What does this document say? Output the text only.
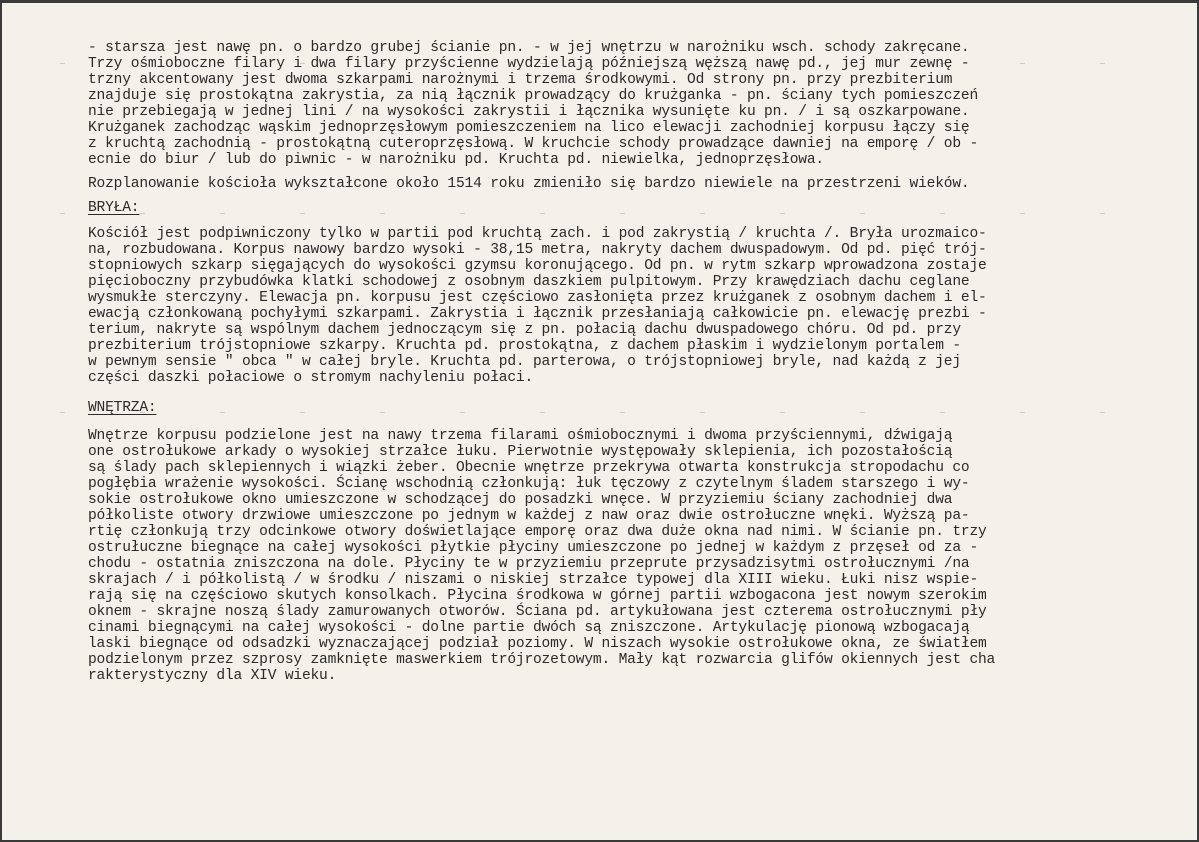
- starsza jest nawę pn. o bardzo grubej ścianie pn. - w jej wnętrzu w narożniku wsch. schody zakręcane.
Trzy ośmioboczne filary i dwa filary przyścienne wydzielają późniejszą węższą nawę pd., jej mur zewnę -
trzny akcentowany jest dwoma szkarpami narożnymi i trzema środkowymi. Od strony pn. przy prezbiterium
znajduje się prostokątna zakrystia, za nią łącznik prowadzący do krużganka - pn. ściany tych pomieszczeń
nie przebiegają w jednej lini / na wysokości zakrystii i łącznika wysunięte ku pn. / i są oszkarpowane.
Krużganek zachodząc wąskim jednoprzęsłowym pomieszczeniem na lico elewacji zachodniej korpusu łączy się
z kruchtą zachodnią - prostokątną cuteroprzęsłową. W kruchcie schody prowadzące dawniej na emporę / ob -
ecnie do biur / lub do piwnic - w narożniku pd. Kruchta pd. niewielka, jednoprzęsłowa.
Rozplanowanie kościoła wykształcone około 1514 roku zmieniło się bardzo niewiele na przestrzeni wieków.
BRYŁA:
Kościół jest podpiwniczony tylko w partii pod kruchtą zach. i pod zakrystią / kruchta /. Bryła urozmaico-
na, rozbudowana. Korpus nawowy bardzo wysoki - 38,15 metra, nakryty dachem dwuspadowym. Od pd. pięć trój-
stopniowych szkarp sięgających do wysokości gzymsu koronującego. Od pn. w rytm szkarp wprowadzona zostaje
pięcioboczny przybudówka klatki schodowej z osobnym daszkiem pulpitowym. Przy krawędziach dachu ceglane
wysmukłe sterczyny. Elewacja pn. korpusu jest częściowo zasłonięta przez krużganek z osobnym dachem i el-
ewacją członkowaną pochyłymi szkarpami. Zakrystia i łącznik przesłaniają całkowicie pn. elewację prezbi -
terium, nakryte są wspólnym dachem jednoczącym się z pn. połacią dachu dwuspadowego chóru. Od pd. przy
prezbiterium trójstopniowe szkarpy. Kruchta pd. prostokątna, z dachem płaskim i wydzielonym portalem -
w pewnym sensie " obca " w całej bryle. Kruchta pd. parterowa, o trójstopniowej bryle, nad każdą z jej
części daszki połaciowe o stromym nachyleniu połaci.
WNĘTRZA:
Wnętrze korpusu podzielone jest na nawy trzema filarami ośmiobocznymi i dwoma przyściennymi, dźwigają
one ostrołukowe arkady o wysokiej strzałce łuku. Pierwotnie występowały sklepienia, ich pozostałością
są ślady pach sklepiennych i wiązki żeber. Obecnie wnętrze przekrywa otwarta konstrukcja stropodachu co
pogłębia wrażenie wysokości. Ścianę wschodnią członkują: łuk tęczowy z czytelnym śladem starszego i wy-
sokie ostrołukowe okno umieszczone w schodzącej do posadzki wnęce. W przyziemiu ściany zachodniej dwa
półkoliste otwory drzwiowe umieszczone po jednym w każdej z naw oraz dwie ostrołuczne wnęki. Wyższą pa-
rtię członkują trzy odcinkowe otwory doświetlające emporę oraz dwa duże okna nad nimi. W ścianie pn. trzy
ostrułuczne biegnące na całej wysokości płytkie płyciny umieszczone po jednej w każdym z przęseł od za -
chodu - ostatnia zniszczona na dole. Płyciny te w przyziemiu przeprute przysadzisytmi ostrołucznymi /na
skrajach / i półkolistą / w środku / niszami o niskiej strzałce typowej dla XIII wieku. Łuki nisz wspie-
rają się na częściowo skutych konsolkach. Płycina środkowa w górnej partii wzbogacona jest nowym szerokim
oknem - skrajne noszą ślady zamurowanych otworów. Ściana pd. artykułowana jest czterema ostrołucznymi pły
cinami biegnącymi na całej wysokości - dolne partie dwóch są zniszczone. Artykulację pionową wzbogacają
laski biegnące od odsadzki wyznaczającej podział poziomy. W niszach wysokie ostrołukowe okna, ze światłem
podzielonym przez szprosy zamknięte maswerkiem trójrozetowym. Mały kąt rozwarcia glifów okiennych jest cha
rakterystyczny dla XIV wieku.
